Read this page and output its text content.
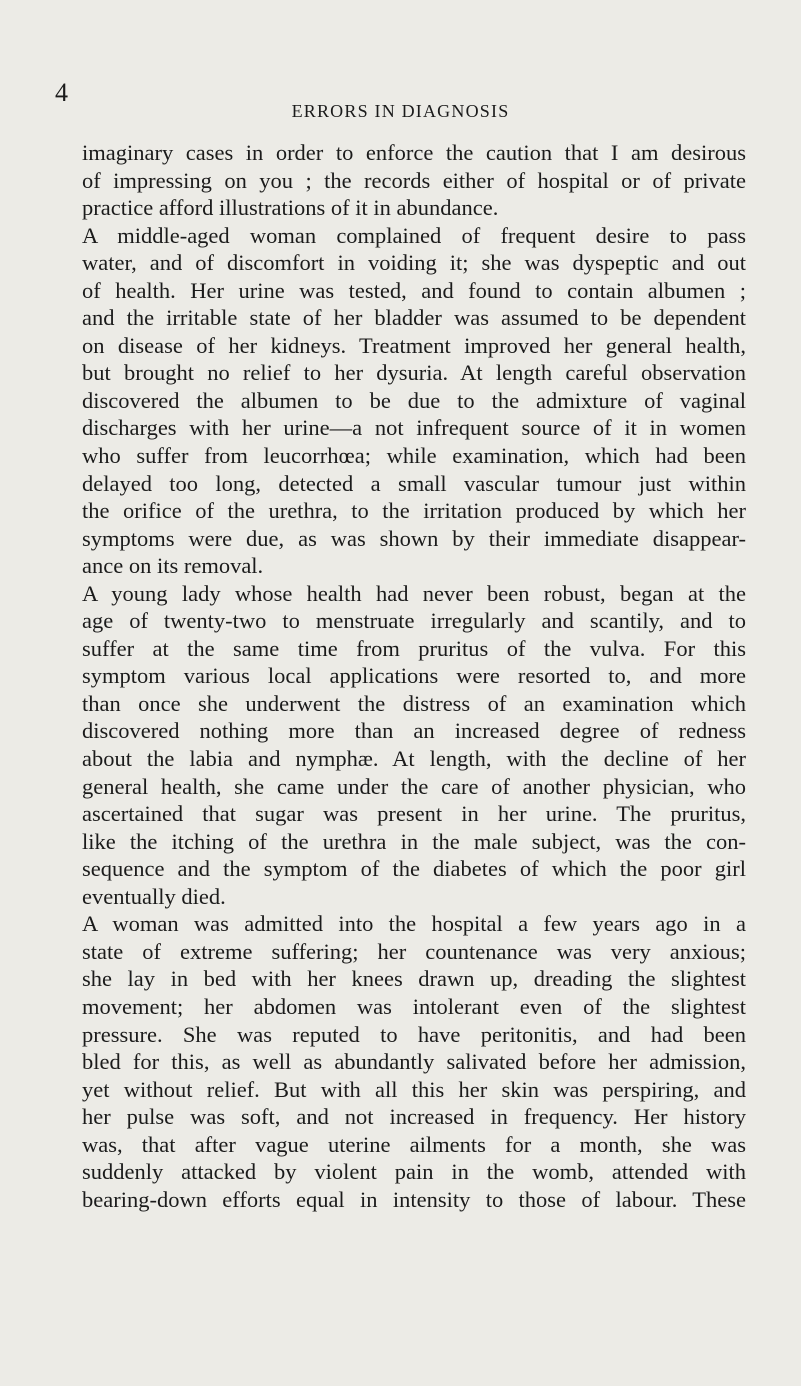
4
ERRORS IN DIAGNOSIS
imaginary cases in order to enforce the caution that I am desirous
of impressing on you ; the records either of hospital or of private
practice afford illustrations of it in abundance.
A middle-aged woman complained of frequent desire to pass
water, and of discomfort in voiding it; she was dyspeptic and out
of health. Her urine was tested, and found to contain albumen ;
and the irritable state of her bladder was assumed to be dependent
on disease of her kidneys. Treatment improved her general health,
but brought no relief to her dysuria. At length careful observation
discovered the albumen to be due to the admixture of vaginal
discharges with her urine—a not infrequent source of it in women
who suffer from leucorrhœa; while examination, which had been
delayed too long, detected a small vascular tumour just within
the orifice of the urethra, to the irritation produced by which her
symptoms were due, as was shown by their immediate disappear-
ance on its removal.
A young lady whose health had never been robust, began at the
age of twenty-two to menstruate irregularly and scantily, and to
suffer at the same time from pruritus of the vulva. For this
symptom various local applications were resorted to, and more
than once she underwent the distress of an examination which
discovered nothing more than an increased degree of redness
about the labia and nymphæ. At length, with the decline of her
general health, she came under the care of another physician, who
ascertained that sugar was present in her urine. The pruritus,
like the itching of the urethra in the male subject, was the con-
sequence and the symptom of the diabetes of which the poor girl
eventually died.
A woman was admitted into the hospital a few years ago in a
state of extreme suffering; her countenance was very anxious;
she lay in bed with her knees drawn up, dreading the slightest
movement; her abdomen was intolerant even of the slightest
pressure. She was reputed to have peritonitis, and had been
bled for this, as well as abundantly salivated before her admission,
yet without relief. But with all this her skin was perspiring, and
her pulse was soft, and not increased in frequency. Her history
was, that after vague uterine ailments for a month, she was
suddenly attacked by violent pain in the womb, attended with
bearing-down efforts equal in intensity to those of labour. These
